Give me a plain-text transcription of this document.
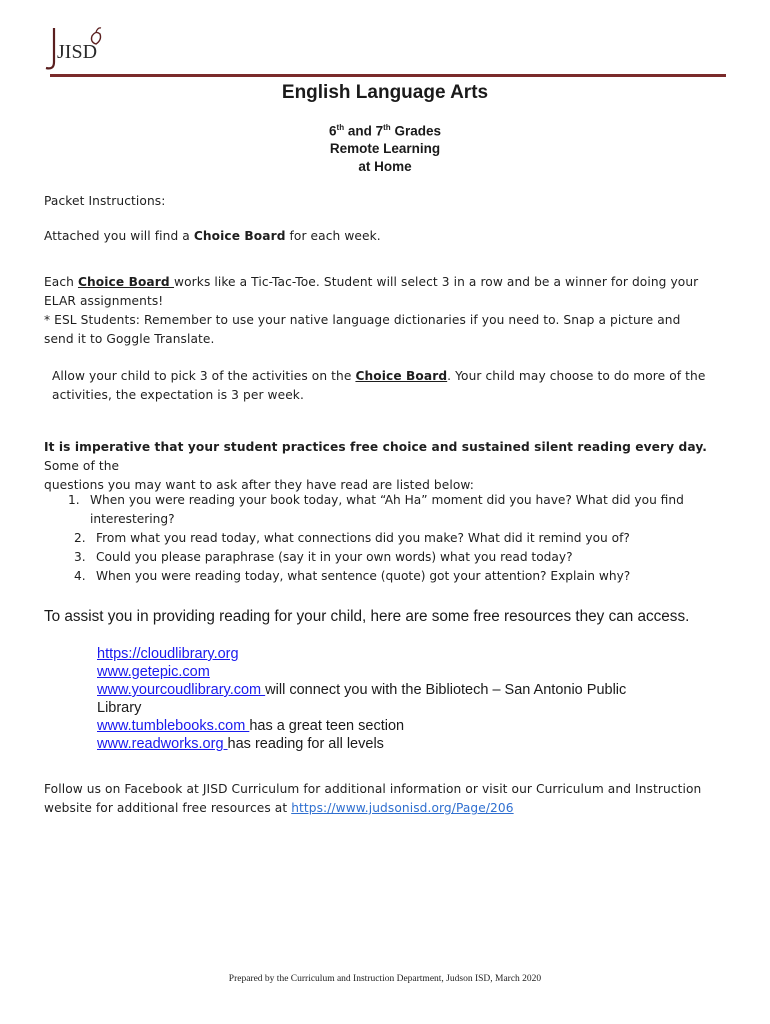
JISD
English Language Arts
6th and 7th Grades
Remote Learning
at Home
Packet Instructions:
Attached you will find a Choice Board for each week.
Each Choice Board works like a Tic-Tac-Toe. Student will select 3 in a row and be a winner for doing your
ELAR assignments!
* ESL Students: Remember to use your native language dictionaries if you need to. Snap a picture and
send it to Goggle Translate.
Allow your child to pick 3 of the activities on the Choice Board. Your child may choose to do more of the
activities, the expectation is 3 per week.
It is imperative that your student practices free choice and sustained silent reading every day. Some of the
questions you may want to ask after they have read are listed below:
1. When you were reading your book today, what “Ah Ha” moment did you have? What did you find
interestering?
2. From what you read today, what connections did you make? What did it remind you of?
3. Could you please paraphrase (say it in your own words) what you read today?
4. When you were reading today, what sentence (quote) got your attention? Explain why?
To assist you in providing reading for your child, here are some free resources they can access.
https://cloudlibrary.org
www.getepic.com
www.yourcoudlibrary.com will connect you with the Bibliotech – San Antonio Public
Library
www.tumblebooks.com has a great teen section
www.readworks.org has reading for all levels
Follow us on Facebook at JISD Curriculum for additional information or visit our Curriculum and Instruction
website for additional free resources at https://www.judsonisd.org/Page/206
Prepared by the Curriculum and Instruction Department, Judson ISD, March 2020
